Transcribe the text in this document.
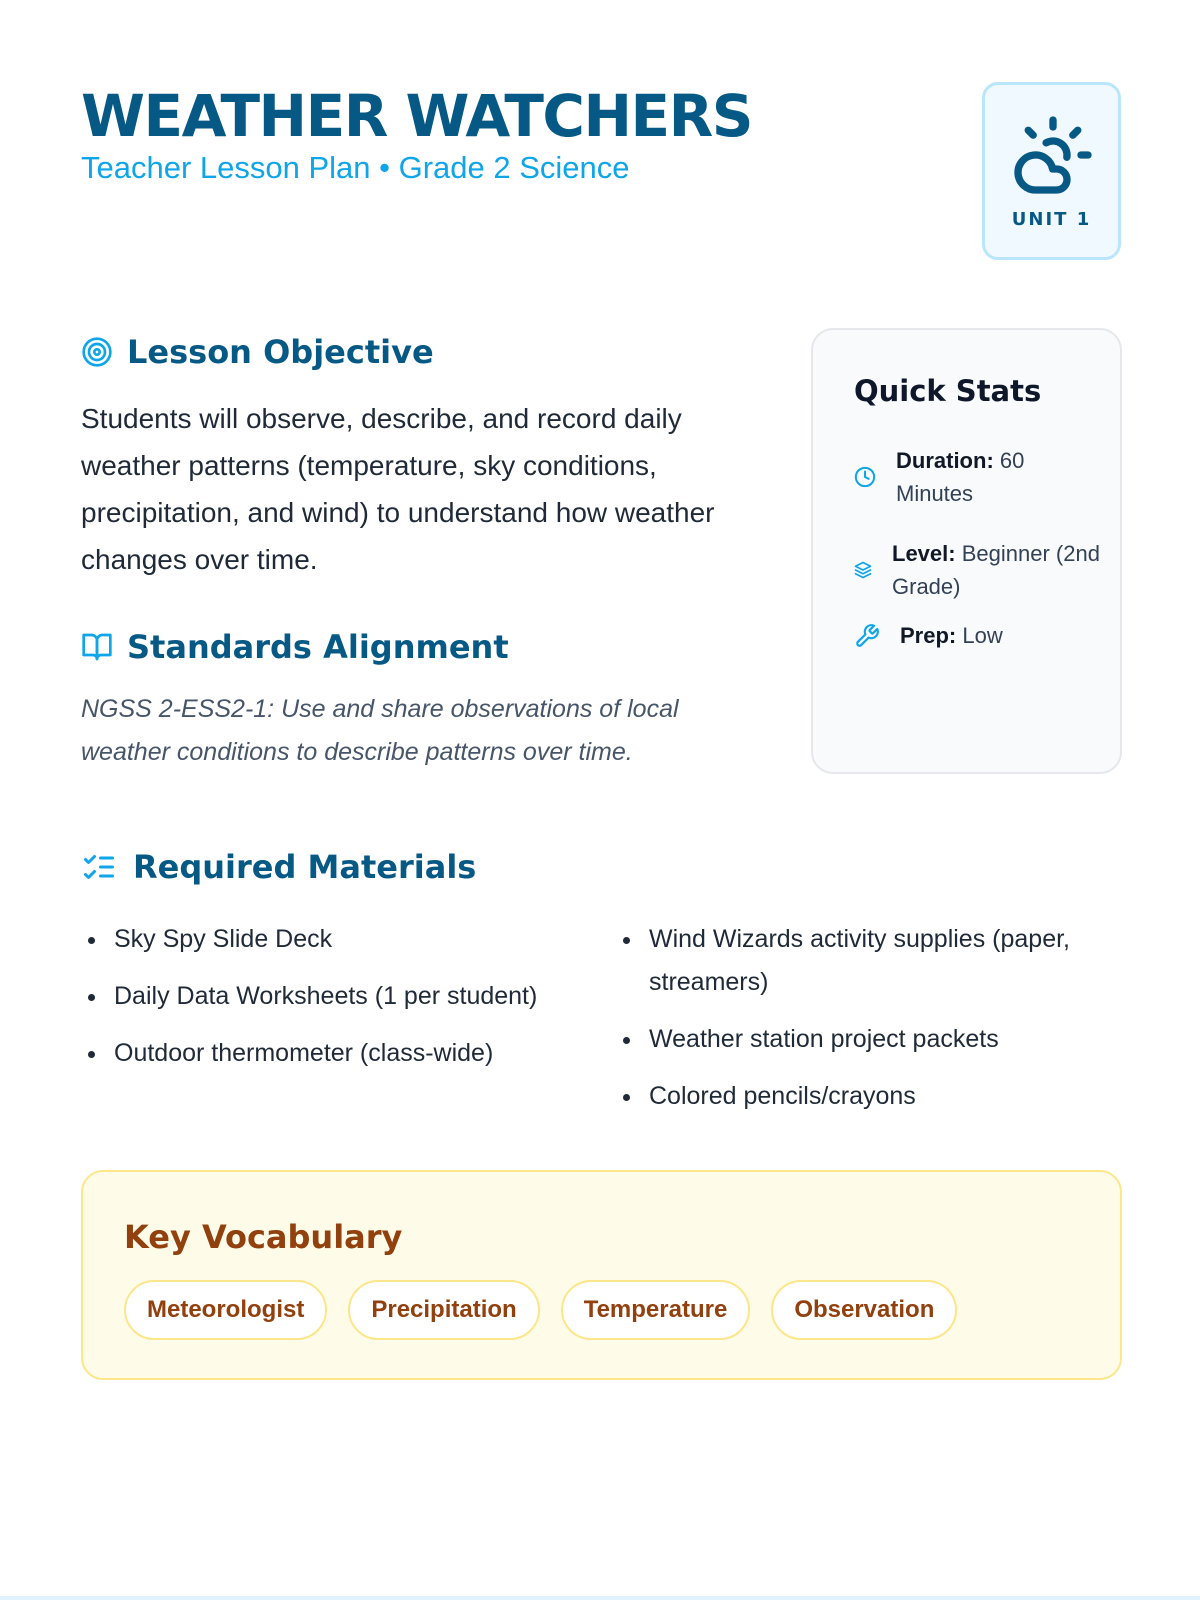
WEATHER WATCHERS
Teacher Lesson Plan • Grade 2 Science
UNIT 1
Lesson Objective

Students will observe, describe, and record daily weather patterns (temperature, sky conditions, precipitation, and wind) to understand how weather changes over time.

Standards Alignment

NGSS 2-ESS2-1: Use and share observations of local weather conditions to describe patterns over time.

Quick Stats
Duration: 60 Minutes
Level: Beginner (2nd Grade)
Prep: Low
Required Materials
Sky Spy Slide Deck
Daily Data Worksheets (1 per student)
Outdoor thermometer (class-wide)
Wind Wizards activity supplies (paper, streamers)
Weather station project packets
Colored pencils/crayons
Key Vocabulary
Meteorologist	Precipitation	Temperature	Observation
